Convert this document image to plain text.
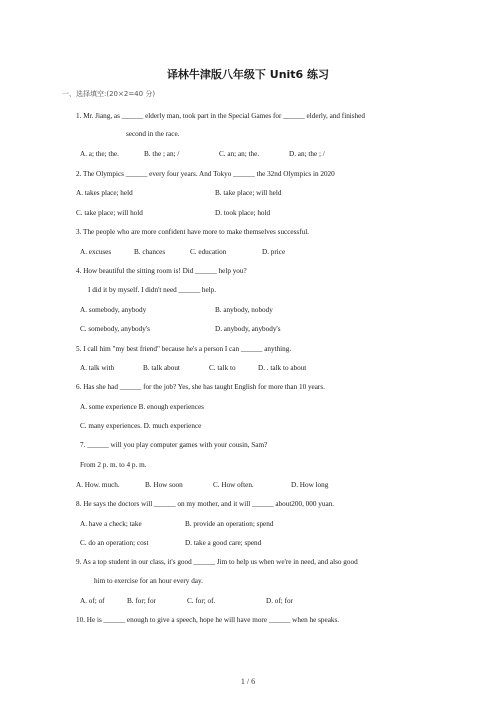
译林牛津版八年级下 Unit6 练习
一、选择填空:(20×2=40 分)
1. Mr. Jiang, as ______ elderly man, took part in the Special Games for ______ elderly, and finished
second in the race.
A. a; the; the.	B. the ; an; /	C. an; an; the.	D. an; the ; /
2. The Olympics ______ every four years. And Tokyo ______ the 32nd Olympics in 2020
A. takes place; held	B. take place; will held
C. take place; will hold	D. took place; hold
3. The people who are more confident have more to make themselves successful.
A. excuses	B. chances	C. education	D. price
4. How beautiful the sitting room is! Did ______ help you?
I did it by myself. I didn't need ______ help.
A. somebody, anybody	B. anybody, nobody
C. somebody, anybody's	D. anybody, anybody's
5. I call him "my best friend" because he's a person I can ______ anything.
A. talk with	B. talk about	C. talk to	D. . talk to about
6. Has she had ______ for the job? Yes, she has taught English for more than 10 years.
A. some experience B. enough experiences
C. many experiences. D. much experience
7. ______ will you play computer games with your cousin, Sam?
From 2 p. m. to 4 p. m.
A. How. much.	B. How soon	C. How often.	D. How long
8. He says the doctors will ______ on my mother, and it will ______ about200, 000 yuan.
A. have a check; take	B. provide an operation; spend
C. do an operation; cost	D. take a good care; spend
9. As a top student in our class, it's good ______ Jim to help us when we're in need, and also good
him to exercise for an hour every day.
A. of; of	B. for; for	C. for; of.	D. of; for
10. He is ______ enough to give a speech, hope he will have more ______ when he speaks.
1 / 6
